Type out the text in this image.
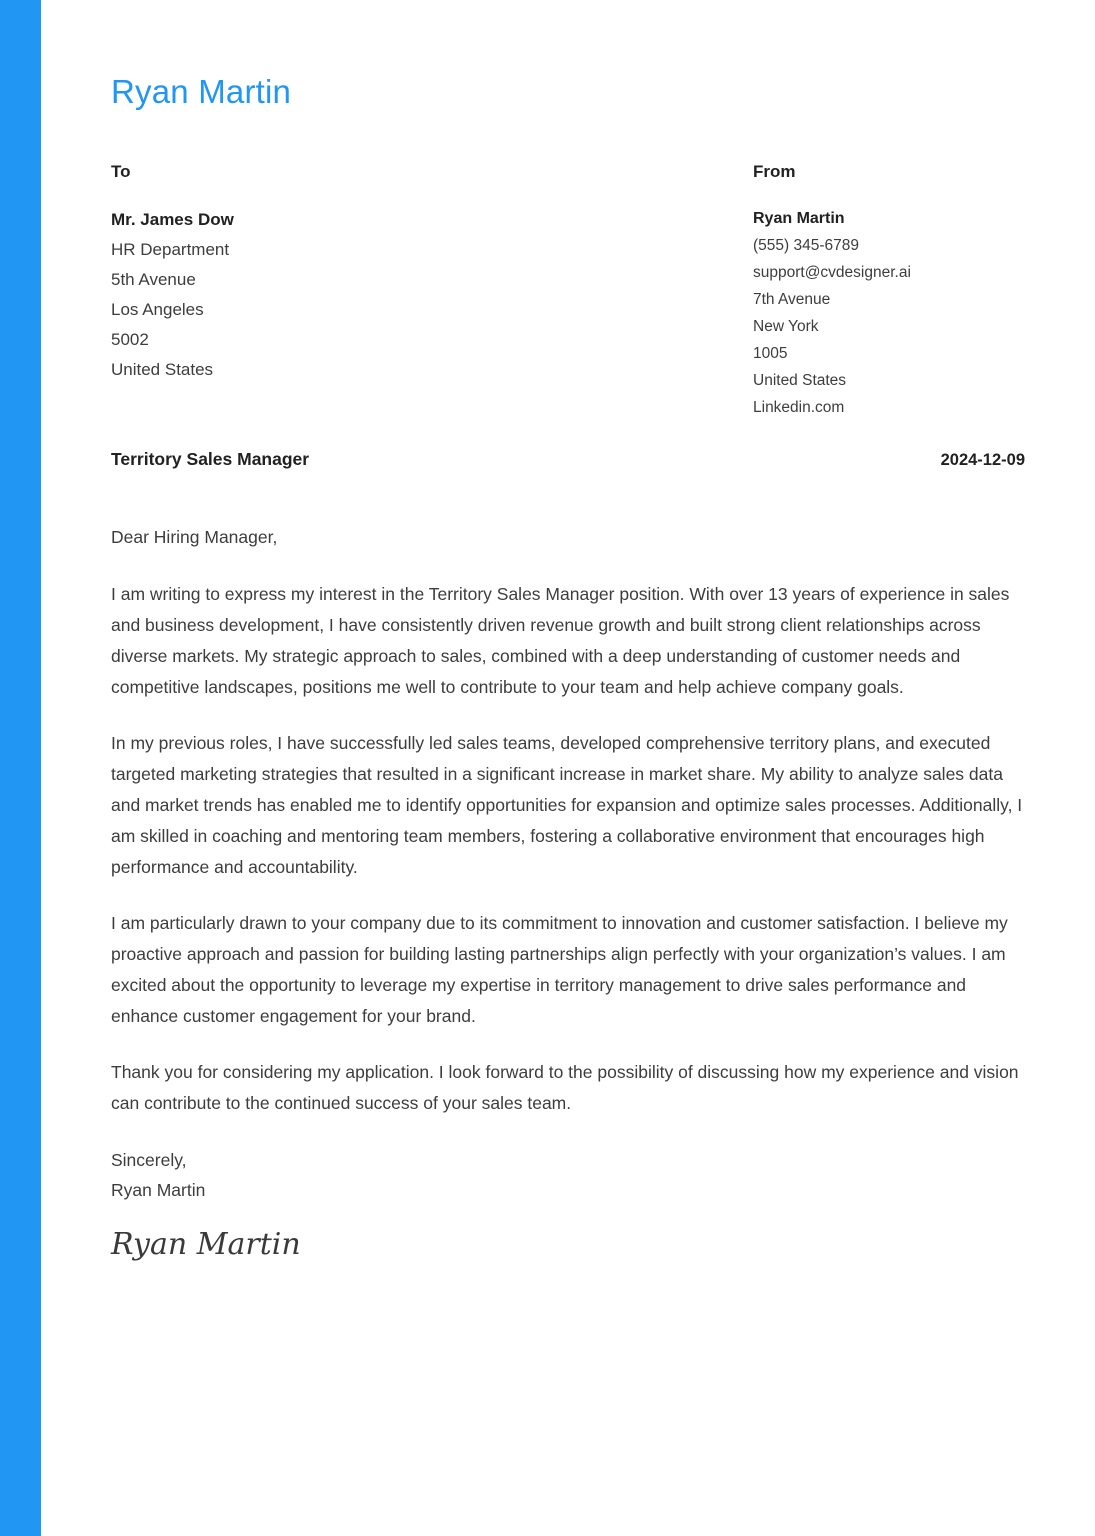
Ryan Martin
To
Mr. James Dow
HR Department
5th Avenue
Los Angeles
5002
United States
From
Ryan Martin
(555) 345-6789
support@cvdesigner.ai
7th Avenue
New York
1005
United States
Linkedin.com
Territory Sales Manager	2024-12-09

Dear Hiring Manager,

I am writing to express my interest in the Territory Sales Manager position. With over 13 years of experience in sales and business development, I have consistently driven revenue growth and built strong client relationships across diverse markets. My strategic approach to sales, combined with a deep understanding of customer needs and competitive landscapes, positions me well to contribute to your team and help achieve company goals.

In my previous roles, I have successfully led sales teams, developed comprehensive territory plans, and executed targeted marketing strategies that resulted in a significant increase in market share. My ability to analyze sales data and market trends has enabled me to identify opportunities for expansion and optimize sales processes. Additionally, I am skilled in coaching and mentoring team members, fostering a collaborative environment that encourages high performance and accountability.

I am particularly drawn to your company due to its commitment to innovation and customer satisfaction. I believe my proactive approach and passion for building lasting partnerships align perfectly with your organization’s values. I am excited about the opportunity to leverage my expertise in territory management to drive sales performance and enhance customer engagement for your brand.

Thank you for considering my application. I look forward to the possibility of discussing how my experience and vision can contribute to the continued success of your sales team.

Sincerely,
Ryan Martin
Ryan Martin
